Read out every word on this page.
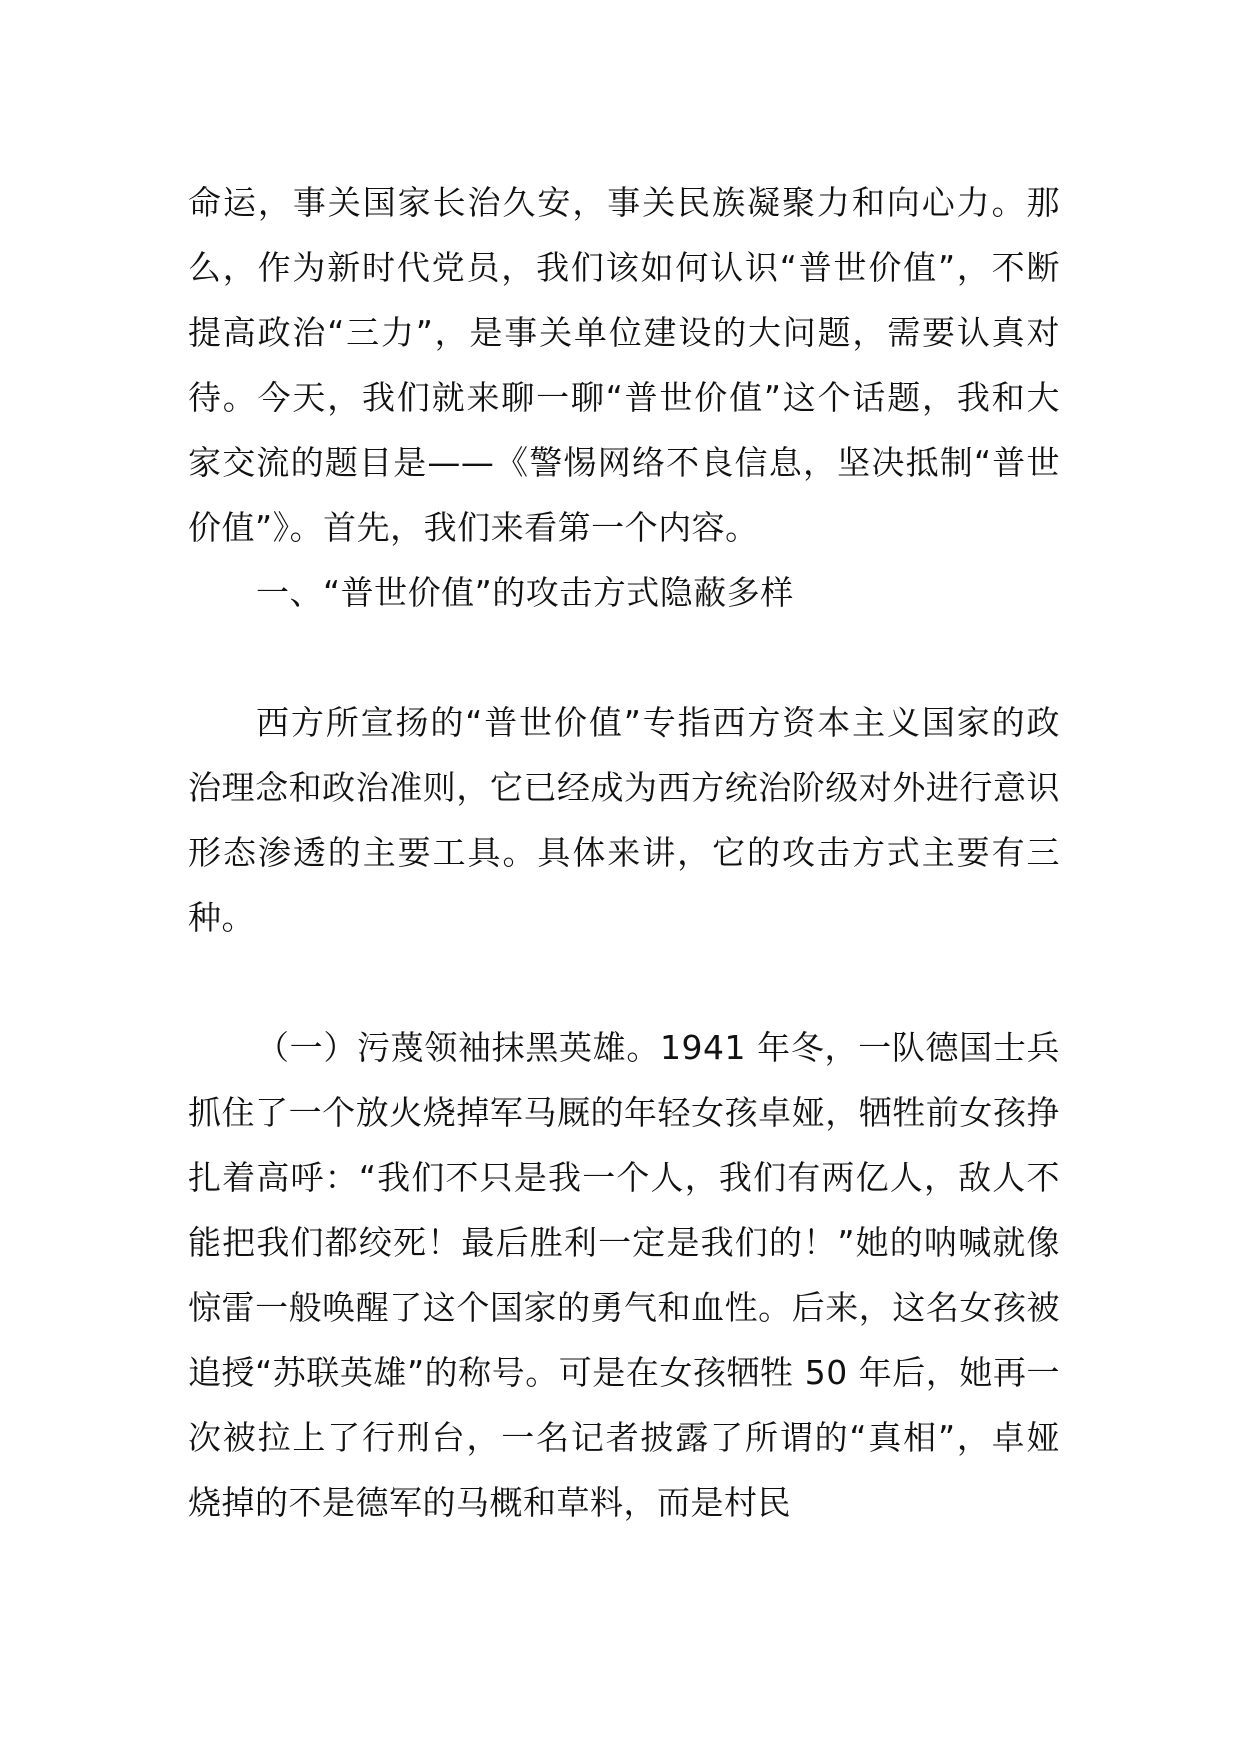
命运，事关国家长治久安，事关民族凝聚力和向心力。那么，作为新时代党员，我们该如何认识“普世价值”，不断提高政治“三力”，是事关单位建设的大问题，需要认真对待。今天，我们就来聊一聊“普世价值”这个话题，我和大家交流的题目是——《警惕网络不良信息，坚决抵制“普世价值”》。首先，我们来看第一个内容。

一、“普世价值”的攻击方式隐蔽多样

西方所宣扬的“普世价值”专指西方资本主义国家的政治理念和政治准则，它已经成为西方统治阶级对外进行意识形态渗透的主要工具。具体来讲，它的攻击方式主要有三种。

（一）污蔑领袖抹黑英雄。1941 年冬，一队德国士兵抓住了一个放火烧掉军马厩的年轻女孩卓娅，牺牲前女孩挣扎着高呼：“我们不只是我一个人，我们有两亿人，敌人不能把我们都绞死！最后胜利一定是我们的！”她的呐喊就像惊雷一般唤醒了这个国家的勇气和血性。后来，这名女孩被追授“苏联英雄”的称号。可是在女孩牺牲 50 年后，她再一次被拉上了行刑台，一名记者披露了所谓的“真相”，卓娅烧掉的不是德军的马概和草料，而是村民
